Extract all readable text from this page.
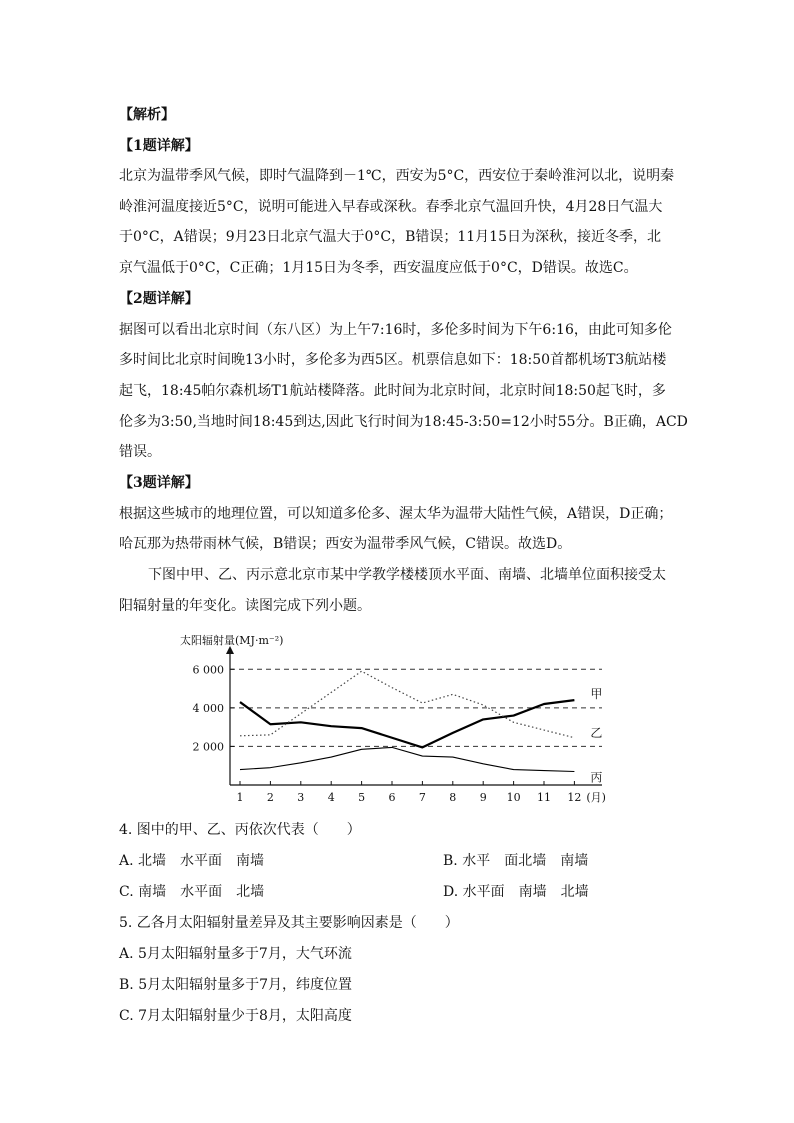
【解析】
【1题详解】
北京为温带季风气候，即时气温降到－1℃，西安为5°C，西安位于秦岭淮河以北，说明秦
岭淮河温度接近5°C，说明可能进入早春或深秋。春季北京气温回升快，4月28日气温大
于0°C，A错误；9月23日北京气温大于0°C，B错误；11月15日为深秋，接近冬季，北
京气温低于0°C，C正确；1月15日为冬季，西安温度应低于0°C，D错误。故选C。
【2题详解】
据图可以看出北京时间（东八区）为上午7:16时，多伦多时间为下午6:16，由此可知多伦
多时间比北京时间晚13小时，多伦多为西5区。机票信息如下：18:50首都机场T3航站楼
起飞，18:45帕尔森机场T1航站楼降落。此时间为北京时间，北京时间18:50起飞时，多
伦多为3:50,当地时间18:45到达,因此飞行时间为18:45-3:50=12小时55分。B正确，ACD
错误。
【3题详解】
根据这些城市的地理位置，可以知道多伦多、渥太华为温带大陆性气候，A错误，D正确；
哈瓦那为热带雨林气候，B错误；西安为温带季风气候，C错误。故选D。
下图中甲、乙、丙示意北京市某中学教学楼楼顶水平面、南墙、北墙单位面积接受太
阳辐射量的年变化。读图完成下列小题。
太阳辐射量(MJ·m⁻²)
2 000
4 000
6 000
1 2 3 4 5 6 7 8 9 10 11 12 (月)
甲
乙
丙
4. 图中的甲、乙、丙依次代表（　　）
A. 北墙　水平面　南墙	B. 水平　面北墙　南墙
C. 南墙　水平面　北墙	D. 水平面　南墙　北墙
5. 乙各月太阳辐射量差异及其主要影响因素是（　　）
A. 5月太阳辐射量多于7月，大气环流
B. 5月太阳辐射量多于7月，纬度位置
C. 7月太阳辐射量少于8月，太阳高度
